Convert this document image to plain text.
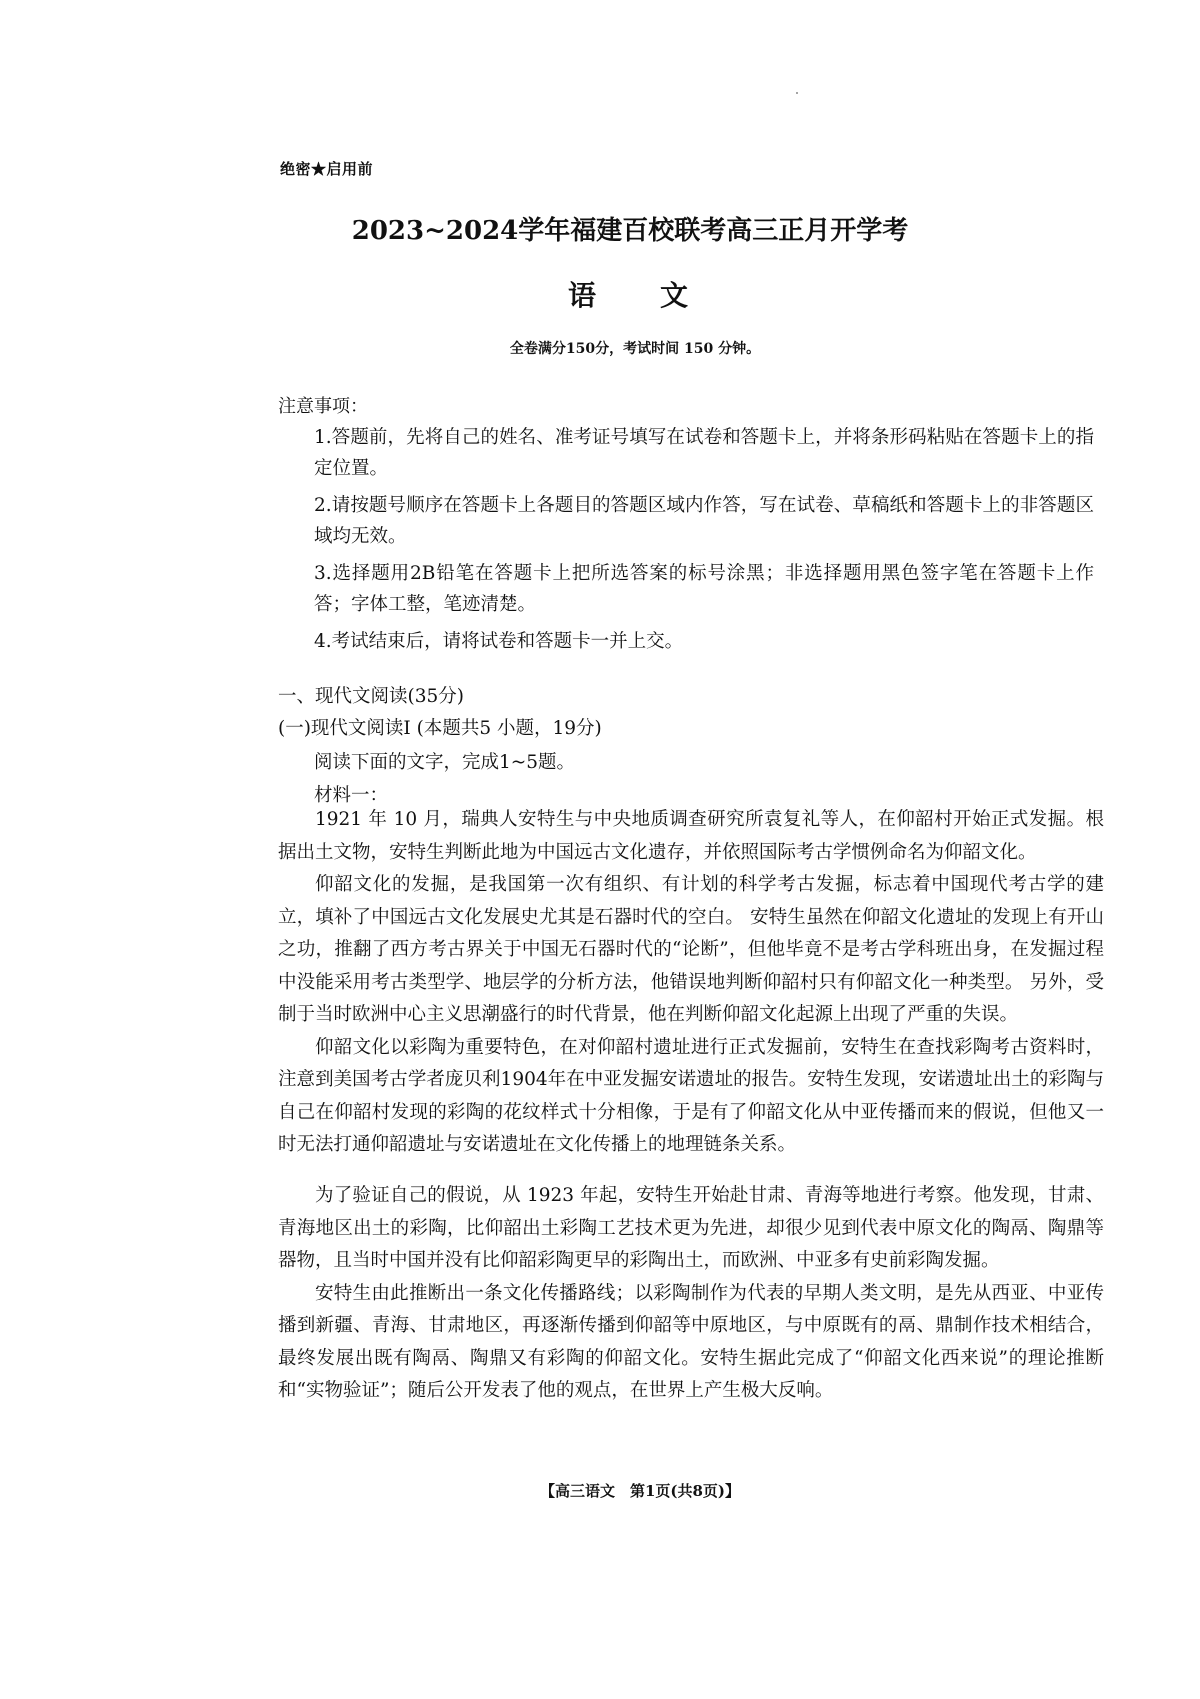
绝密★启用前
2023~2024学年福建百校联考高三正月开学考
语文
全卷满分150分，考试时间 150 分钟。
注意事项：

1.答题前，先将自己的姓名、准考证号填写在试卷和答题卡上，并将条形码粘贴在答题卡上的指定位置。

2.请按题号顺序在答题卡上各题目的答题区域内作答，写在试卷、草稿纸和答题卡上的非答题区域均无效。

3.选择题用2B铅笔在答题卡上把所选答案的标号涂黑；非选择题用黑色签字笔在答题卡上作答；字体工整，笔迹清楚。

4.考试结束后，请将试卷和答题卡一并上交。

一、现代文阅读(35分)
(一)现代文阅读Ⅰ (本题共5 小题，19分)
阅读下面的文字，完成1~5题。
材料一：

1921 年 10 月，瑞典人安特生与中央地质调查研究所袁复礼等人，在仰韶村开始正式发掘。根据出土文物，安特生判断此地为中国远古文化遗存，并依照国际考古学惯例命名为仰韶文化。

仰韶文化的发掘，是我国第一次有组织、有计划的科学考古发掘，标志着中国现代考古学的建立，填补了中国远古文化发展史尤其是石器时代的空白。 安特生虽然在仰韶文化遗址的发现上有开山之功，推翻了西方考古界关于中国无石器时代的“论断”，但他毕竟不是考古学科班出身，在发掘过程中没能采用考古类型学、地层学的分析方法，他错误地判断仰韶村只有仰韶文化一种类型。 另外，受制于当时欧洲中心主义思潮盛行的时代背景，他在判断仰韶文化起源上出现了严重的失误。

仰韶文化以彩陶为重要特色，在对仰韶村遗址进行正式发掘前，安特生在查找彩陶考古资料时，注意到美国考古学者庞贝利1904年在中亚发掘安诺遗址的报告。安特生发现，安诺遗址出土的彩陶与自己在仰韶村发现的彩陶的花纹样式十分相像，于是有了仰韶文化从中亚传播而来的假说，但他又一时无法打通仰韶遗址与安诺遗址在文化传播上的地理链条关系。

为了验证自己的假说，从 1923 年起，安特生开始赴甘肃、青海等地进行考察。他发现，甘肃、青海地区出土的彩陶，比仰韶出土彩陶工艺技术更为先进，却很少见到代表中原文化的陶鬲、陶鼎等器物，且当时中国并没有比仰韶彩陶更早的彩陶出土，而欧洲、中亚多有史前彩陶发掘。

安特生由此推断出一条文化传播路线；以彩陶制作为代表的早期人类文明，是先从西亚、中亚传播到新疆、青海、甘肃地区，再逐渐传播到仰韶等中原地区，与中原既有的鬲、鼎制作技术相结合，最终发展出既有陶鬲、陶鼎又有彩陶的仰韶文化。安特生据此完成了“仰韶文化西来说”的理论推断和“实物验证”；随后公开发表了他的观点，在世界上产生极大反响。

【高三语文　第1页(共8页)】
